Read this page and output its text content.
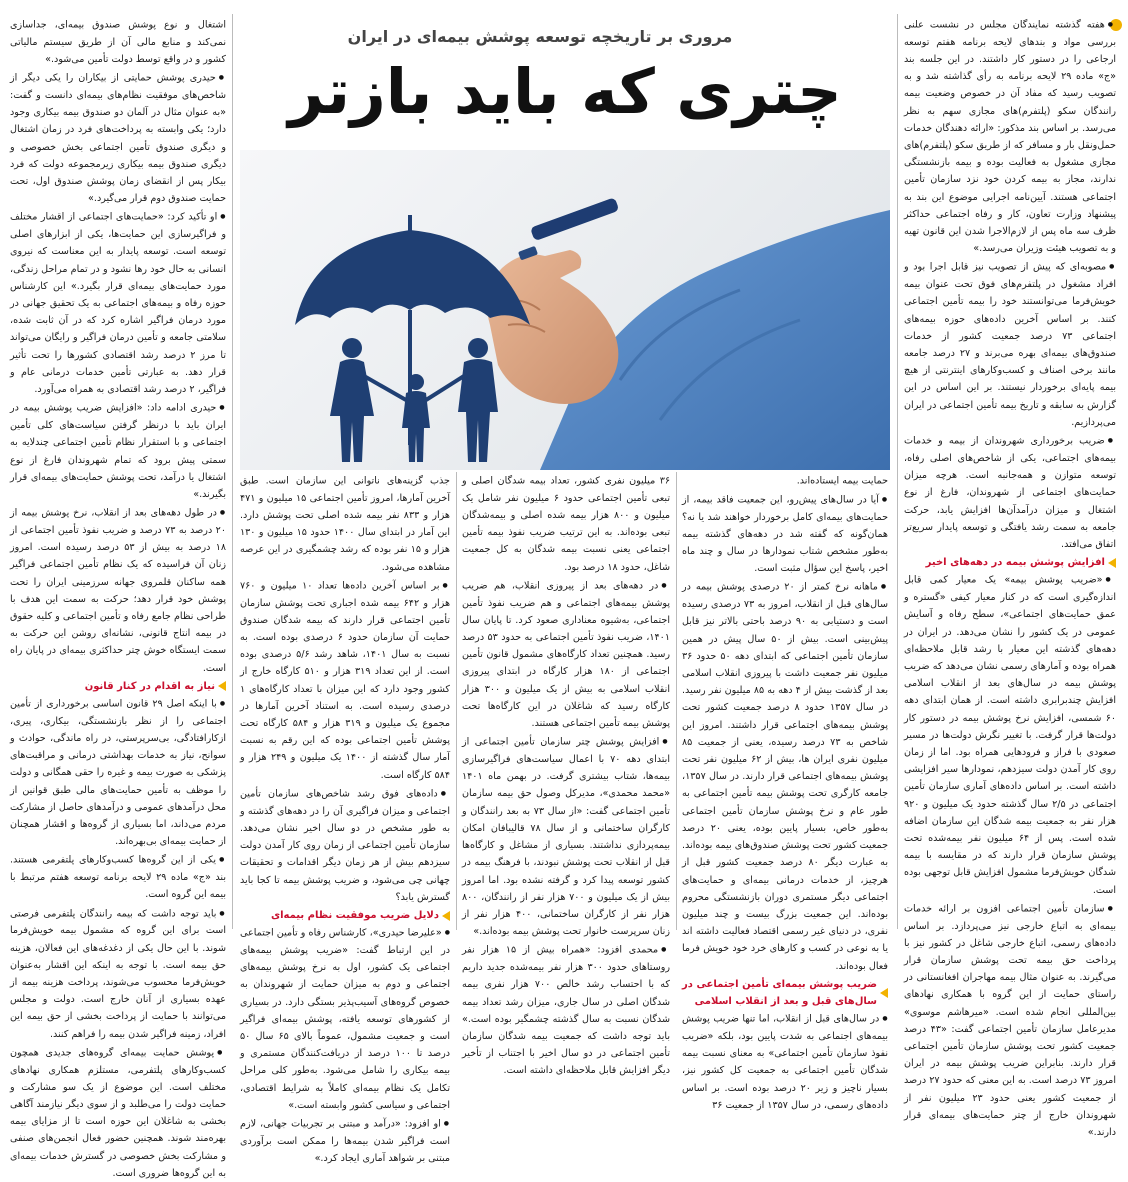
● هفته گذشته نمایندگان مجلس در نشست علنی بررسی مواد و بندهای لایحه برنامه هفتم توسعه ارجاعی را در دستور کار داشتند. در این جلسه بند «ج» ماده ۲۹ لایحه برنامه به رأی گذاشته شد و به تصویب رسید که مفاد آن در خصوص وضعیت بیمه رانندگان سکو (پلتفرم)های مجازی سهم به نظر می‌رسد. بر اساس بند مذکور: «ارائه دهندگان خدمات حمل‌ونقل بار و مسافر که از طریق سکو (پلتفرم)های مجازی مشغول به فعالیت بوده و بیمه بازنشستگی ندارند، مجاز به بیمه کردن خود نزد سازمان تأمین اجتماعی هستند. آیین‌نامه اجرایی موضوع این بند به پیشنهاد وزارت تعاون، کار و رفاه اجتماعی حداکثر ظرف سه ماه پس از لازم‌الاجرا شدن این قانون تهیه و به تصویب هیئت وزیران می‌رسد.»

● مصوبه‌ای که پیش از تصویب نیز قابل اجرا بود و افراد مشغول در پلتفرم‌های فوق تحت عنوان بیمه خویش‌فرما می‌توانستند خود را بیمه تأمین اجتماعی کنند. بر اساس آخرین داده‌های حوزه بیمه‌های اجتماعی ۷۳ درصد جمعیت کشور از خدمات صندوق‌های بیمه‌ای بهره می‌برند و ۲۷ درصد جامعه مانند برخی اصناف و کسب‌وکارهای اینترنتی از هیچ بیمه پایه‌ای برخوردار نیستند. بر این اساس در این گزارش به سابقه و تاریخ بیمه تأمین اجتماعی در ایران می‌پردازیم.

● ضریب برخورداری شهروندان از بیمه و خدمات بیمه‌های اجتماعی، یکی از شاخص‌های اصلی رفاه، توسعه متوازن و همه‌جانبه است. هرچه میزان حمایت‌های اجتماعی از شهروندان، فارغ از نوع اشتغال و میزان درآمدآن‌ها افزایش یابد، حرکت جامعه به سمت رشد یافتگی و توسعه پایدار سریع‌تر اتفاق می‌افتد.

افزایش پوشش بیمه در دهه‌های اخیر

● «ضریب پوشش بیمه» یک معیار کمی قابل اندازه‌گیری است که در کنار معیار کیفی «گستره و عمق حمایت‌های اجتماعی»، سطح رفاه و آسایش عمومی در یک کشور را نشان می‌دهد. در ایران در دهه‌های گذشته این معیار با رشد قابل ملاحظه‌ای همراه بوده و آمارهای رسمی نشان می‌دهد که ضریب پوشش بیمه در سال‌های بعد از انقلاب اسلامی افزایش چندبرابری داشته است. از همان ابتدای دهه ۶۰ شمسی، افزایش نرخ پوشش بیمه در دستور کار دولت‌ها قرار گرفت. با تغییر نگرش دولت‌ها در مسیر صعودی با فراز و فرودهایی همراه بود. اما از زمان روی کار آمدن دولت سیزدهم، نمودارها سیر افزایشی داشته است. بر اساس داده‌های آماری سازمان تأمین اجتماعی در ۲/۵ سال گذشته حدود یک میلیون و ۹۲۰ هزار نفر به جمعیت بیمه شدگان این سازمان اضافه شده است. پس از ۶۴ میلیون نفر بیمه‌شده تحت پوشش سازمان قرار دارند که در مقایسه با بیمه شدگان خویش‌فرما مشمول افزایش قابل توجهی بوده است.

● سازمان تأمین اجتماعی افزون بر ارائه خدمات بیمه‌ای به اتباع خارجی نیز می‌پردازد. بر اساس داده‌های رسمی، اتباع خارجی شاغل در کشور نیز با پرداخت حق بیمه تحت پوشش سازمان قرار می‌گیرند. به عنوان مثال بیمه مهاجران افغانستانی در راستای حمایت از این گروه با همکاری نهادهای بین‌المللی انجام شده است. «میرهاشم موسوی» مدیرعامل سازمان تأمین اجتماعی گفت: «۴۳ درصد جمعیت کشور تحت پوشش سازمان تأمین اجتماعی قرار دارند. بنابراین ضریب پوشش بیمه در ایران امروز ۷۳ درصد است. به این معنی که حدود ۲۷ درصد از جمعیت کشور یعنی حدود ۲۳ میلیون نفر از شهروندان خارج از چتر حمایت‌های بیمه‌ای قرار دارند.»

مروری بر تاریخچه توسعه پوشش بیمه‌ای در ایران
چتری که باید بازتر

حمایت بیمه ایستاده‌اند.

● آیا در سال‌های پیش‌رو، این جمعیت فاقد بیمه، از حمایت‌های بیمه‌ای کامل برخوردار خواهند شد یا نه؟ همان‌گونه که گفته شد در دهه‌های گذشته بیمه به‌طور مشخص شتاب نمودارها در سال و چند ماه اخیر، پاسخ این سؤال مثبت است.

● ماهانه نرخ کمتر از ۲۰ درصدی پوشش بیمه در سال‌های قبل از انقلاب، امروز به ۷۳ درصدی رسیده است و دستیابی به ۹۰ درصد باحتی بالاتر نیز قابل پیش‌بینی است. بیش از ۵۰ سال پیش در همین سازمان تأمین اجتماعی که ابتدای دهه ۵۰ حدود ۳۶ میلیون نفر جمعیت داشت با پیروزی انقلاب اسلامی بعد از گذشت بیش از ۴ دهه به ۸۵ میلیون نفر رسید. در سال ۱۳۵۷ حدود ۸ درصد جمعیت کشور تحت پوشش بیمه‌های اجتماعی قرار داشتند. امروز این شاخص به ۷۳ درصد رسیده، یعنی از جمعیت ۸۵ میلیون نفری ایران ها، بیش از ۶۲ میلیون نفر تحت پوشش بیمه‌های اجتماعی قرار دارند. در سال ۱۳۵۷، جامعه کارگری تحت پوشش بیمه تأمین اجتماعی به طور عام و نرخ پوشش سازمان تأمین اجتماعی به‌طور خاص، بسیار پایین بوده، یعنی ۲۰ درصد جمعیت کشور تحت پوشش صندوق‌های بیمه بوده‌اند. به عبارت دیگر ۸۰ درصد جمعیت کشور قبل از هرچیز، از خدمات درمانی بیمه‌ای و حمایت‌های اجتماعی دیگر مستمری دوران بازنشستگی محروم بوده‌اند. این جمعیت بزرگ بیست و چند میلیون نفری، در دنیای غیر رسمی اقتصاد فعالیت داشته اند یا به نوعی در کسب و کارهای خرد خود خویش فرما فعال بوده‌اند.

ضریب پوشش بیمه‌ای تأمین اجتماعی در سال‌های قبل و بعد از انقلاب اسلامی

● در سال‌های قبل از انقلاب، اما تنها ضریب پوشش بیمه‌های اجتماعی به شدت پایین بود، بلکه «ضریب نفوذ سازمان تأمین اجتماعی» به معنای نسبت بیمه شدگان تأمین اجتماعی به جمعیت کل کشور نیز، بسیار ناچیز و زیر ۲۰ درصد بوده است. بر اساس داده‌های رسمی، در سال ۱۳۵۷ از جمعیت ۳۶

۳۶ میلیون نفری کشور، تعداد بیمه شدگان اصلی و تبعی تأمین اجتماعی حدود ۶ میلیون نفر شامل یک میلیون و ۸۰۰ هزار بیمه شده اصلی و بیمه‌شدگان تبعی بوده‌اند. به این ترتیب ضریب نفوذ بیمه تأمین اجتماعی یعنی نسبت بیمه شدگان به کل جمعیت شاغل، حدود ۱۸ درصد بود.

● در دهه‌های بعد از پیروزی انقلاب، هم ضریب پوشش بیمه‌های اجتماعی و هم ضریب نفوذ تأمین اجتماعی، به‌شیوه معناداری صعود کرد. تا پایان سال ۱۴۰۱، ضریب نفوذ تأمین اجتماعی به حدود ۵۳ درصد رسید. همچنین تعداد کارگاه‌های مشمول قانون تأمین اجتماعی از ۱۸۰ هزار کارگاه در ابتدای پیروزی انقلاب اسلامی به بیش از یک میلیون و ۳۰۰ هزار کارگاه رسید که شاغلان در این کارگاه‌ها تحت پوشش بیمه تأمین اجتماعی هستند.

● افزایش پوشش چتر سازمان تأمین اجتماعی از ابتدای دهه ۷۰ با اعمال سیاست‌های فراگیرسازی بیمه‌ها، شتاب بیشتری گرفت. در بهمن ماه ۱۴۰۱ «محمد محمدی»، مدیرکل وصول حق بیمه سازمان تأمین اجتماعی گفت: «از سال ۷۳ به بعد رانندگان و کارگران ساختمانی و از سال ۷۸ قالیبافان امکان بیمه‌پردازی نداشتند. بسیاری از مشاغل و کارگاه‌ها قبل از انقلاب تحت پوشش نبودند، با فرهنگ بیمه در کشور توسعه پیدا کرد و گرفته نشده بود. اما امروز بیش از یک میلیون و ۷۰۰ هزار نفر از رانندگان، ۸۰۰ هزار نفر از کارگران ساختمانی، ۴۰۰ هزار نفر از زنان سرپرست خانوار تحت پوشش بیمه بوده‌اند.»

● محمدی افزود: «همراه بیش از ۱۵ هزار نفر روستاهای حدود ۳۰۰ هزار نفر بیمه‌شده جدید داریم که با احتساب رشد خالص ۷۰۰ هزار نفری بیمه شدگان اصلی در سال جاری، میزان رشد تعداد بیمه شدگان نسبت به سال گذشته چشمگیر بوده است.» باید توجه داشت که جمعیت بیمه شدگان سازمان تأمین اجتماعی در دو سال اخیر با اجتناب از تأخیر دیگر افزایش قابل ملاحظه‌ای داشته است.

جذب گزینه‌های ناتوانی این سازمان است. طبق آخرین آمارها، امروز تأمین اجتماعی ۱۵ میلیون و ۴۷۱ هزار و ۸۳۳ نفر بیمه شده اصلی تحت پوشش دارد. این آمار در ابتدای سال ۱۴۰۰ حدود ۱۵ میلیون و ۱۳۰ هزار و ۱۵ نفر بوده که رشد چشمگیری در این عرصه مشاهده می‌شود.

● بر اساس آخرین داده‌ها تعداد ۱۰ میلیون و ۷۶۰ هزار و ۶۴۲ بیمه شده اجباری تحت پوشش سازمان تأمین اجتماعی قرار دارند که بیمه شدگان صندوق حمایت آن سازمان حدود ۶ درصدی بوده است. به نسبت به سال ۱۴۰۱، شاهد رشد ۵/۶ درصدی بوده است. از این تعداد ۳۱۹ هزار و ۵۱۰ کارگاه خارج از کشور وجود دارد که این میزان با تعداد کارگاه‌های ۱ درصدی رسیده است. به استناد آخرین آمارها در مجموع یک میلیون و ۳۱۹ هزار و ۵۸۴ کارگاه تحت پوشش تأمین اجتماعی بوده که این رقم به نسبت آمار سال گذشته از ۱۴۰۰ یک میلیون و ۲۴۹ هزار و ۵۸۴ کارگاه است.

● داده‌های فوق رشد شاخص‌های سازمان تأمین اجتماعی و میزان فراگیری آن را در دهه‌های گذشته و به طور مشخص در دو سال اخیر نشان می‌دهد. سازمان تأمین اجتماعی از زمان روی کار آمدن دولت سیزدهم بیش از هر زمان دیگر اقدامات و تحقیقات چهانی چی می‌شود، و ضریب پوشش بیمه تا کجا باید گسترش یابد؟

دلایل ضریب موفقیت نظام بیمه‌ای

● «علیرضا حیدری»، کارشناس رفاه و تأمین اجتماعی در این ارتباط گفت: «ضریب پوشش بیمه‌های اجتماعی یک کشور، اول به نرخ پوشش بیمه‌های اجتماعی و دوم به میزان حمایت از شهروندان به خصوص گروه‌های آسیب‌پذیر بستگی دارد. در بسیاری از کشورهای توسعه یافته، پوشش بیمه‌ای فراگیر است و جمعیت مشمول، عموماً بالای ۶۵ سال ۵۰ درصد تا ۱۰۰ درصد از دریافت‌کنندگان مستمری و بیمه بیکاری را شامل می‌شود. به‌طور کلی مراحل تکامل یک نظام بیمه‌ای کاملاً به شرایط اقتصادی، اجتماعی و سیاسی کشور وابسته است.»

● او افزود: «درآمد و مبتنی بر تجربیات جهانی، لازم است فراگیر شدن بیمه‌ها را ممکن است برآوردی مبتنی بر شواهد آماری ایجاد کرد.»

اشتغال و نوع پوشش صندوق بیمه‌ای، جداسازی نمی‌کند و منابع مالی آن از طریق سیستم مالیاتی کشور و در واقع توسط دولت تأمین می‌شود.»

● حیدری پوشش حمایتی از بیکاران را یکی دیگر از شاخص‌های موفقیت نظام‌های بیمه‌ای دانست و گفت: «به عنوان مثال در آلمان دو صندوق بیمه بیکاری وجود دارد؛ یکی وابسته به پرداخت‌های فرد در زمان اشتغال و دیگری صندوق تأمین اجتماعی بخش خصوصی و دیگری صندوق بیمه بیکاری زیرمجموعه دولت که فرد بیکار پس از انقضای زمان پوشش صندوق اول، تحت حمایت صندوق دوم قرار می‌گیرد.»

● او تأکید کرد: «حمایت‌های اجتماعی از اقشار مختلف و فراگیرسازی این حمایت‌ها، یکی از ابزارهای اصلی توسعه است. توسعه پایدار به این معناست که نیروی انسانی به حال خود رها نشود و در تمام مراحل زندگی، مورد حمایت‌های بیمه‌ای قرار بگیرد.» این کارشناس حوزه رفاه و بیمه‌های اجتماعی به یک تحقیق جهانی در مورد درمان فراگیر اشاره کرد که در آن ثابت شده، سلامتی جامعه و تأمین درمان فراگیر و رایگان می‌تواند تا مرز ۲ درصد رشد اقتصادی کشورها را تحت تأثیر قرار دهد. به عبارتی تأمین خدمات درمانی عام و فراگیر، ۲ درصد رشد اقتصادی به همراه می‌آورد.

● حیدری ادامه داد: «افزایش ضریب پوشش بیمه در ایران باید با درنظر گرفتن سیاست‌های کلی تأمین اجتماعی و با استقرار نظام تأمین اجتماعی چندلایه به سمتی پیش برود که تمام شهروندان فارغ از نوع اشتغال یا درآمد، تحت پوشش حمایت‌های بیمه‌ای قرار بگیرند.»

● در طول دهه‌های بعد از انقلاب، نرخ پوشش بیمه از ۲۰ درصد به ۷۳ درصد و ضریب نفوذ تأمین اجتماعی از ۱۸ درصد به بیش از ۵۳ درصد رسیده است. امروز زنان آن فراسیده که یک نظام تأمین اجتماعی فراگیر همه ساکنان قلمروی جهانه سرزمینی ایران را تحت پوشش خود قرار دهد؛ حرکت به سمت این هدف با طراحی نظام جامع رفاه و تأمین اجتماعی و کلیه حقوق در بیمه انتاج قانونی، نشانه‌ای روشن این حرکت به سمت ایستگاه خوش چتر حداکثری بیمه‌ای در پایان راه است.

نیاز به اقدام در کنار قانون

● با اینکه اصل ۲۹ قانون اساسی برخورداری از تأمین اجتماعی را از نظر بازنشستگی، بیکاری، پیری، ازکارافتادگی، بی‌سرپرستی، در راه ماندگی، حوادث و سوانح، نیاز به خدمات بهداشتی درمانی و مراقبت‌های پزشکی به صورت بیمه و غیره را حقی همگانی و دولت را موظف به تأمین حمایت‌های مالی طبق قوانین از محل درآمدهای عمومی و درآمدهای حاصل از مشارکت مردم می‌داند، اما بسیاری از گروه‌ها و اقشار همچنان از حمایت بیمه‌ای بی‌بهره‌اند.

● یکی از این گروه‌ها کسب‌وکارهای پلتفرمی هستند. بند «ج» ماده ۲۹ لایحه برنامه توسعه هفتم مرتبط با بیمه این گروه است.

● باید توجه داشت که بیمه رانندگان پلتفرمی فرصتی است برای این گروه که مشمول بیمه خویش‌فرما شوند. با این حال یکی از دغدغه‌های این فعالان، هزینه حق بیمه است. با توجه به اینکه این اقشار به‌عنوان خویش‌فرما محسوب می‌شوند، پرداخت هزینه بیمه از عهده بسیاری از آنان خارج است. دولت و مجلس می‌توانند با حمایت از پرداخت بخشی از حق بیمه این افراد، زمینه فراگیر شدن بیمه را فراهم کنند.

● پوشش حمایت بیمه‌ای گروه‌های جدیدی همچون کسب‌وکارهای پلتفرمی، مستلزم همکاری نهادهای مختلف است. این موضوع از یک سو مشارکت و حمایت دولت را می‌طلبد و از سوی دیگر نیازمند آگاهی بخشی به شاغلان این حوزه است تا از مزایای بیمه بهره‌مند شوند. همچنین حضور فعال انجمن‌های صنفی و مشارکت بخش خصوصی در گسترش خدمات بیمه‌ای به این گروه‌ها ضروری است.
